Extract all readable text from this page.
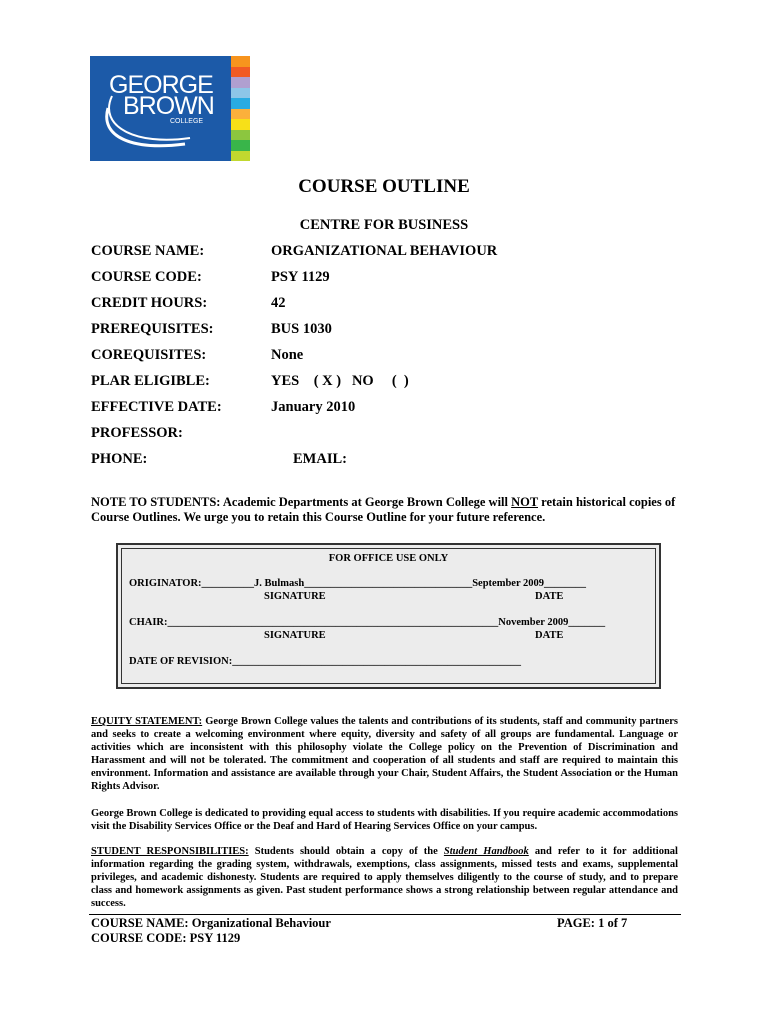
GEORGE
BROWN
COLLEGE
COURSE OUTLINE
CENTRE FOR BUSINESS
COURSE NAME:	ORGANIZATIONAL BEHAVIOUR
COURSE CODE:	PSY 1129
CREDIT HOURS:	42
PREREQUISITES:	BUS 1030
COREQUISITES:	None
PLAR ELIGIBLE:	YES    ( X )   NO     (  )
EFFECTIVE DATE:	January 2010
PROFESSOR:
PHONE:	EMAIL:
NOTE TO STUDENTS: Academic Departments at George Brown College will NOT retain historical copies of Course Outlines. We urge you to retain this Course Outline for your future reference.
FOR OFFICE USE ONLY
ORIGINATOR:__________J. Bulmash________________________________September 2009________
SIGNATURE	DATE
CHAIR:_______________________________________________________________November 2009_______
SIGNATURE	DATE
DATE OF REVISION:_______________________________________________________
EQUITY STATEMENT: George Brown College values the talents and contributions of its students, staff and community partners and seeks to create a welcoming environment where equity, diversity and safety of all groups are fundamental. Language or activities which are inconsistent with this philosophy violate the College policy on the Prevention of Discrimination and Harassment and will not be tolerated. The commitment and cooperation of all students and staff are required to maintain this environment. Information and assistance are available through your Chair, Student Affairs, the Student Association or the Human Rights Advisor.
George Brown College is dedicated to providing equal access to students with disabilities. If you require academic accommodations visit the Disability Services Office or the Deaf and Hard of Hearing Services Office on your campus.
STUDENT RESPONSIBILITIES: Students should obtain a copy of the Student Handbook and refer to it for additional information regarding the grading system, withdrawals, exemptions, class assignments, missed tests and exams, supplemental privileges, and academic dishonesty. Students are required to apply themselves diligently to the course of study, and to prepare class and homework assignments as given. Past student performance shows a strong relationship between regular attendance and success.
COURSE NAME: Organizational Behaviour
COURSE CODE: PSY 1129
PAGE: 1 of 7
